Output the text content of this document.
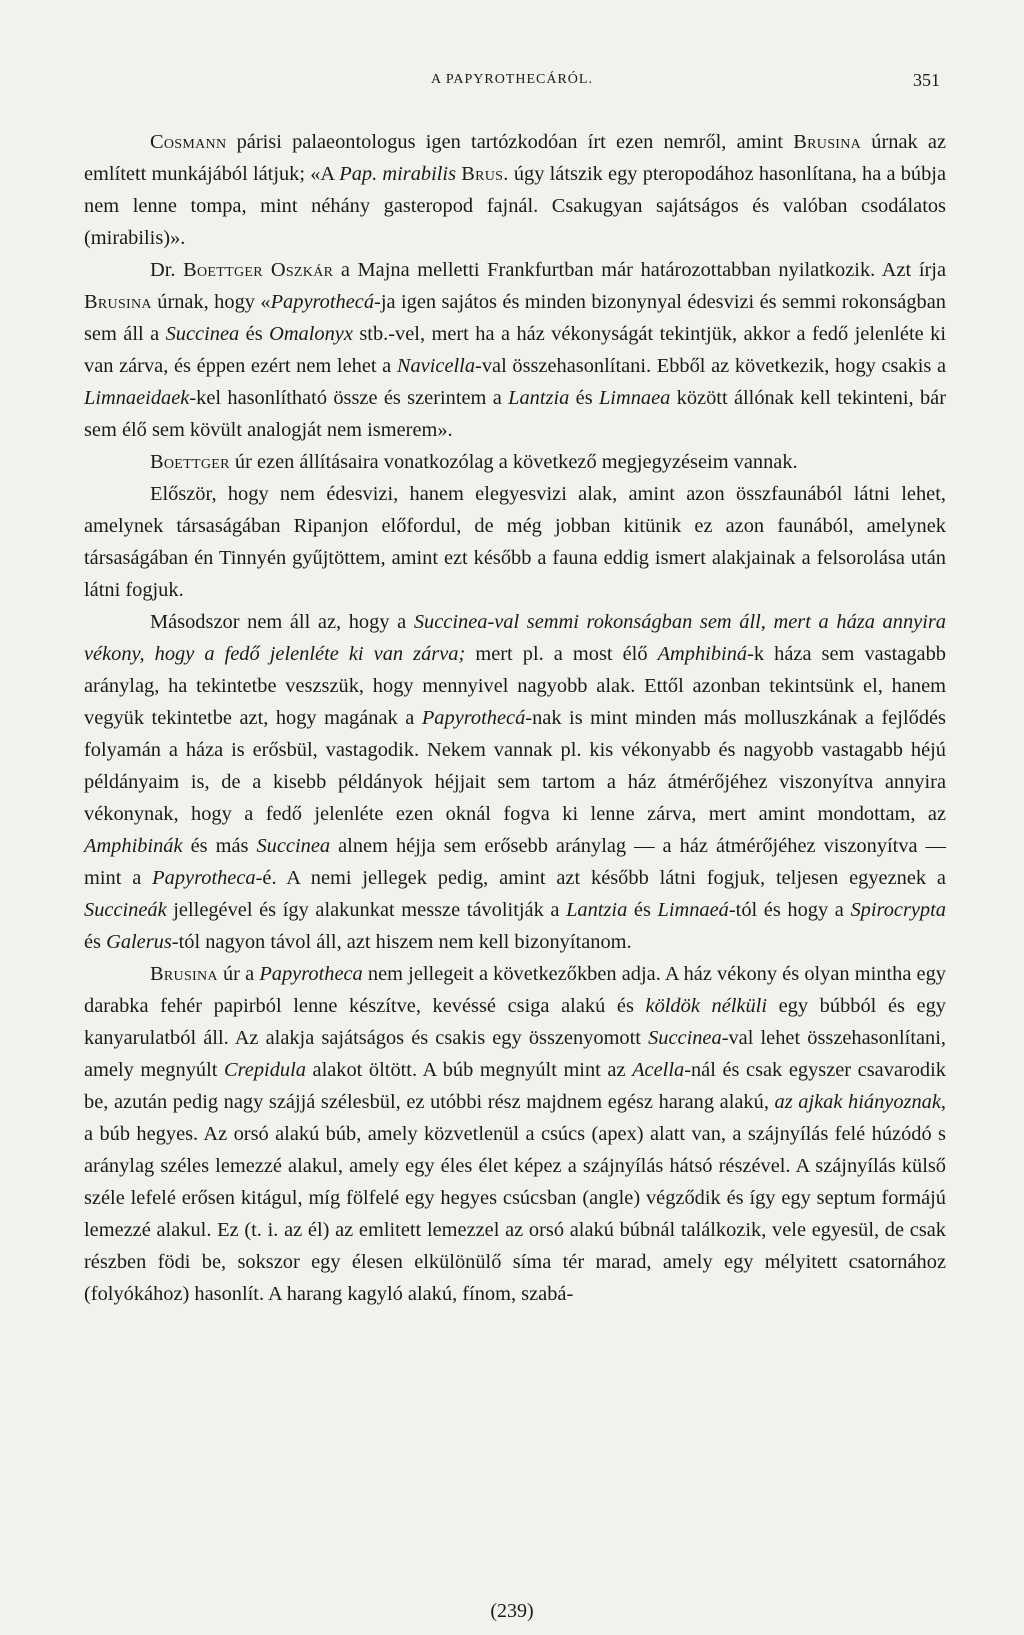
A PAPYROTHECÁRÓL.	351

Cosmann párisi palaeontologus igen tartózkodóan írt ezen nemről, amint Brusina úrnak az említett munkájából látjuk; «A Pap. mirabilis Brus. úgy látszik egy pteropodához hasonlítana, ha a búbja nem lenne tompa, mint néhány gasteropod fajnál. Csakugyan sajátságos és valóban csodálatos (mirabilis)».

Dr. Boettger Oszkár a Majna melletti Frankfurtban már határozottabban nyilatkozik. Azt írja Brusina úrnak, hogy «Papyrothecá-ja igen sajátos és minden bizonynyal édesvizi és semmi rokonságban sem áll a Succinea és Omalonyx stb.-vel, mert ha a ház vékonyságát tekintjük, akkor a fedő jelenléte ki van zárva, és éppen ezért nem lehet a Navicella-val összehasonlítani. Ebből az következik, hogy csakis a Limnaeidaek-kel hasonlítható össze és szerintem a Lantzia és Limnaea között állónak kell tekinteni, bár sem élő sem kövült analogját nem ismerem».

Boettger úr ezen állításaira vonatkozólag a következő megjegyzéseim vannak.

Először, hogy nem édesvizi, hanem elegyesvizi alak, amint azon összfaunából látni lehet, amelynek társaságában Ripanjon előfordul, de még jobban kitünik ez azon faunából, amelynek társaságában én Tinnyén gyűjtöttem, amint ezt később a fauna eddig ismert alakjainak a felsorolása után látni fogjuk.

Másodszor nem áll az, hogy a Succinea-val semmi rokonságban sem áll, mert a háza annyira vékony, hogy a fedő jelenléte ki van zárva; mert pl. a most élő Amphibiná-k háza sem vastagabb aránylag, ha tekintetbe veszszük, hogy mennyivel nagyobb alak. Ettől azonban tekintsünk el, hanem vegyük tekintetbe azt, hogy magának a Papyrothecá-nak is mint minden más molluszkának a fejlődés folyamán a háza is erősbül, vastagodik. Nekem vannak pl. kis vékonyabb és nagyobb vastagabb héjú példányaim is, de a kisebb példányok héjjait sem tartom a ház átmérőjéhez viszonyítva annyira vékonynak, hogy a fedő jelenléte ezen oknál fogva ki lenne zárva, mert amint mondottam, az Amphibinák és más Succinea alnem héjja sem erősebb aránylag — a ház átmérőjéhez viszonyítva — mint a Papyrotheca-é. A nemi jellegek pedig, amint azt később látni fogjuk, teljesen egyeznek a Succineák jellegével és így alakunkat messze távolitják a Lantzia és Limnaeá-tól és hogy a Spirocrypta és Galerus-tól nagyon távol áll, azt hiszem nem kell bizonyítanom.

Brusina úr a Papyrotheca nem jellegeit a következőkben adja. A ház vékony és olyan mintha egy darabka fehér papirból lenne készítve, kevéssé csiga alakú és köldök nélküli egy búbból és egy kanyarulatból áll. Az alakja sajátságos és csakis egy összenyomott Succinea-val lehet összehasonlítani, amely megnyúlt Crepidula alakot öltött. A búb megnyúlt mint az Acella-nál és csak egyszer csavarodik be, azután pedig nagy szájjá szélesbül, ez utóbbi rész majdnem egész harang alakú, az ajkak hiányoznak, a búb hegyes. Az orsó alakú búb, amely közvetlenül a csúcs (apex) alatt van, a szájnyílás felé húzódó s aránylag széles lemezzé alakul, amely egy éles élet képez a szájnyílás hátsó részével. A szájnyílás külső széle lefelé erősen kitágul, míg fölfelé egy hegyes csúcsban (angle) végződik és így egy septum formájú lemezzé alakul. Ez (t. i. az él) az emlitett lemezzel az orsó alakú búbnál találkozik, vele egyesül, de csak részben födi be, sokszor egy élesen elkülönülő síma tér marad, amely egy mélyitett csatornához (folyókához) hasonlít. A harang kagyló alakú, fínom, szabá-

(239)
